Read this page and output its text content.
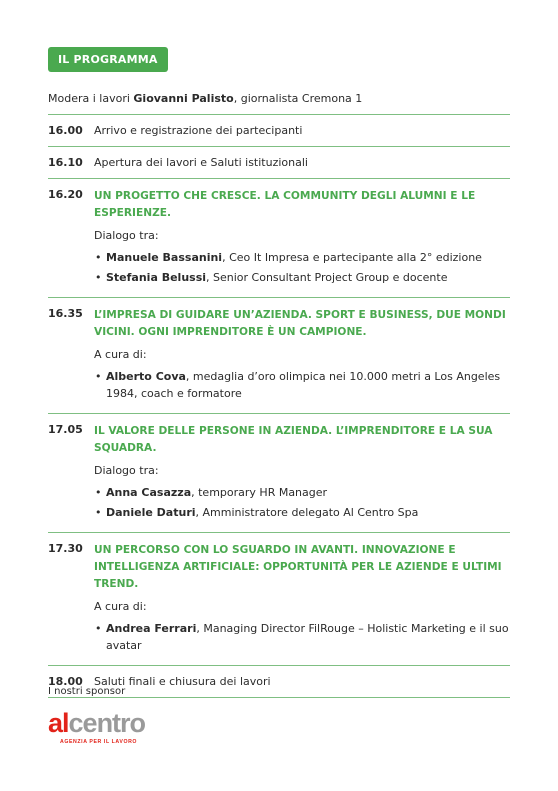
IL PROGRAMMA
Modera i lavori Giovanni Palisto, giornalista Cremona 1
16.00 Arrivo e registrazione dei partecipanti
16.10 Apertura dei lavori e Saluti istituzionali
16.20 UN PROGETTO CHE CRESCE. LA COMMUNITY DEGLI ALUMNI E LE ESPERIENZE.
Dialogo tra:
• Manuele Bassanini, Ceo It Impresa e partecipante alla 2° edizione
• Stefania Belussi, Senior Consultant Project Group e docente
16.35 L’IMPRESA DI GUIDARE UN’AZIENDA. SPORT E BUSINESS, DUE MONDI VICINI. OGNI IMPRENDITORE È UN CAMPIONE.
A cura di:
• Alberto Cova, medaglia d’oro olimpica nei 10.000 metri a Los Angeles 1984, coach e formatore
17.05 IL VALORE DELLE PERSONE IN AZIENDA. L’IMPRENDITORE E LA SUA SQUADRA.
Dialogo tra:
• Anna Casazza, temporary HR Manager
• Daniele Daturi, Amministratore delegato Al Centro Spa
17.30 UN PERCORSO CON LO SGUARDO IN AVANTI. INNOVAZIONE E INTELLIGENZA ARTIFICIALE: OPPORTUNITÀ PER LE AZIENDE E ULTIMI TREND.
A cura di:
• Andrea Ferrari, Managing Director FilRouge – Holistic Marketing e il suo avatar
18.00 Saluti finali e chiusura dei lavori
I nostri sponsor
alcentro
AGENZIA PER IL LAVORO
